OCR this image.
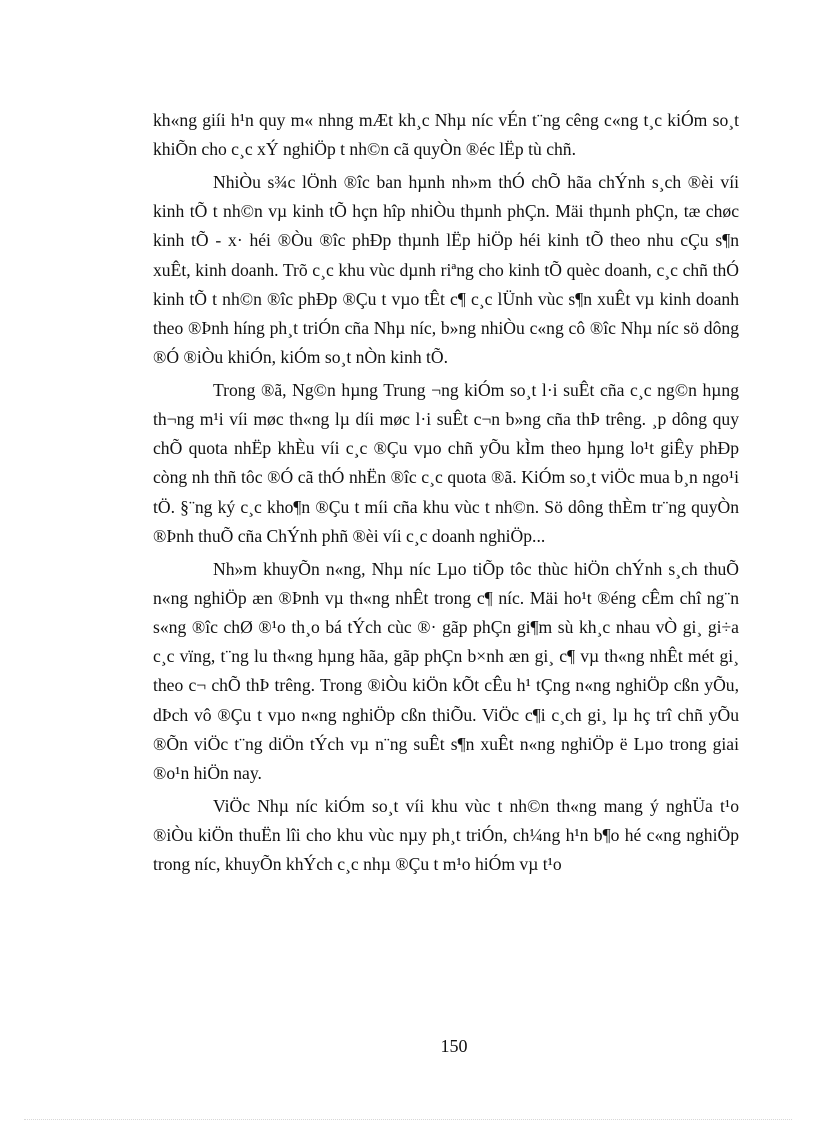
kh«ng giíi h¹n quy m« nhng mÆt kh¸c Nhµ níc vÉn t¨ng cêng c«ng t¸c kiÓm so¸t khiÕn cho c¸c xÝ nghiÖp t nh©n cã quyÒn ®éc lËp tù chñ.

NhiÒu s¾c lÖnh ®îc ban hµnh nh»m thÓ chÕ hãa chÝnh s¸ch ®èi víi kinh tÕ t nh©n vµ kinh tÕ hçn hîp nhiÒu thµnh phÇn. Mäi thµnh phÇn, tæ chøc kinh tÕ - x· héi ®Òu ®îc phÐp thµnh lËp hiÖp héi kinh tÕ theo nhu cÇu s¶n xuÊt, kinh doanh. Trõ c¸c khu vùc dµnh riªng cho kinh tÕ quèc doanh, c¸c chñ thÓ kinh tÕ t nh©n ®îc phÐp ®Çu t vµo tÊt c¶ c¸c lÜnh vùc s¶n xuÊt vµ kinh doanh theo ®Þnh híng ph¸t triÓn cña Nhµ níc, b»ng nhiÒu c«ng cô ®îc Nhµ níc sö dông ®Ó ®iÒu khiÓn, kiÓm so¸t nÒn kinh tÕ.

Trong ®ã, Ng©n hµng Trung ¬ng kiÓm so¸t l·i suÊt cña c¸c ng©n hµng th¬ng m¹i víi møc th«ng lµ díi møc l·i suÊt c¬n b»ng cña thÞ trêng. ¸p dông quy chÕ quota nhËp khÈu víi c¸c ®Çu vµo chñ yÕu kÌm theo hµng lo¹t giÊy phÐp còng nh thñ tôc ®Ó cã thÓ nhËn ®îc c¸c quota ®ã. KiÓm so¸t viÖc mua b¸n ngo¹i tÖ. §¨ng ký c¸c kho¶n ®Çu t míi cña khu vùc t nh©n. Sö dông thÈm tr¨ng quyÒn ®Þnh thuÕ cña ChÝnh phñ ®èi víi c¸c doanh nghiÖp...

Nh»m khuyÕn n«ng, Nhµ níc Lµo tiÕp tôc thùc hiÖn chÝnh s¸ch thuÕ n«ng nghiÖp æn ®Þnh vµ th«ng nhÊt trong c¶ níc. Mäi ho¹t ®éng cÊm chî ng¨n s«ng ®îc chØ ®¹o th¸o bá tÝch cùc ®· gãp phÇn gi¶m sù kh¸c nhau vÒ gi¸ gi÷a c¸c vïng, t¨ng lu th«ng hµng hãa, gãp phÇn b×nh æn gi¸ c¶ vµ th«ng nhÊt mét gi¸ theo c¬ chÕ thÞ trêng. Trong ®iÒu kiÖn kÕt cÊu h¹ tÇng n«ng nghiÖp cßn yÕu, dÞch vô ®Çu t vµo n«ng nghiÖp cßn thiÕu. ViÖc c¶i c¸ch gi¸ lµ hç trî chñ yÕu ®Õn viÖc t¨ng diÖn tÝch vµ n¨ng suÊt s¶n xuÊt n«ng nghiÖp ë Lµo trong giai ®o¹n hiÖn nay.

ViÖc Nhµ níc kiÓm so¸t víi khu vùc t nh©n th«ng mang ý nghÜa t¹o ®iÒu kiÖn thuËn lîi cho khu vùc nµy ph¸t triÓn, ch¼ng h¹n b¶o hé c«ng nghiÖp trong níc, khuyÕn khÝch c¸c nhµ ®Çu t m¹o hiÓm vµ t¹o

150
